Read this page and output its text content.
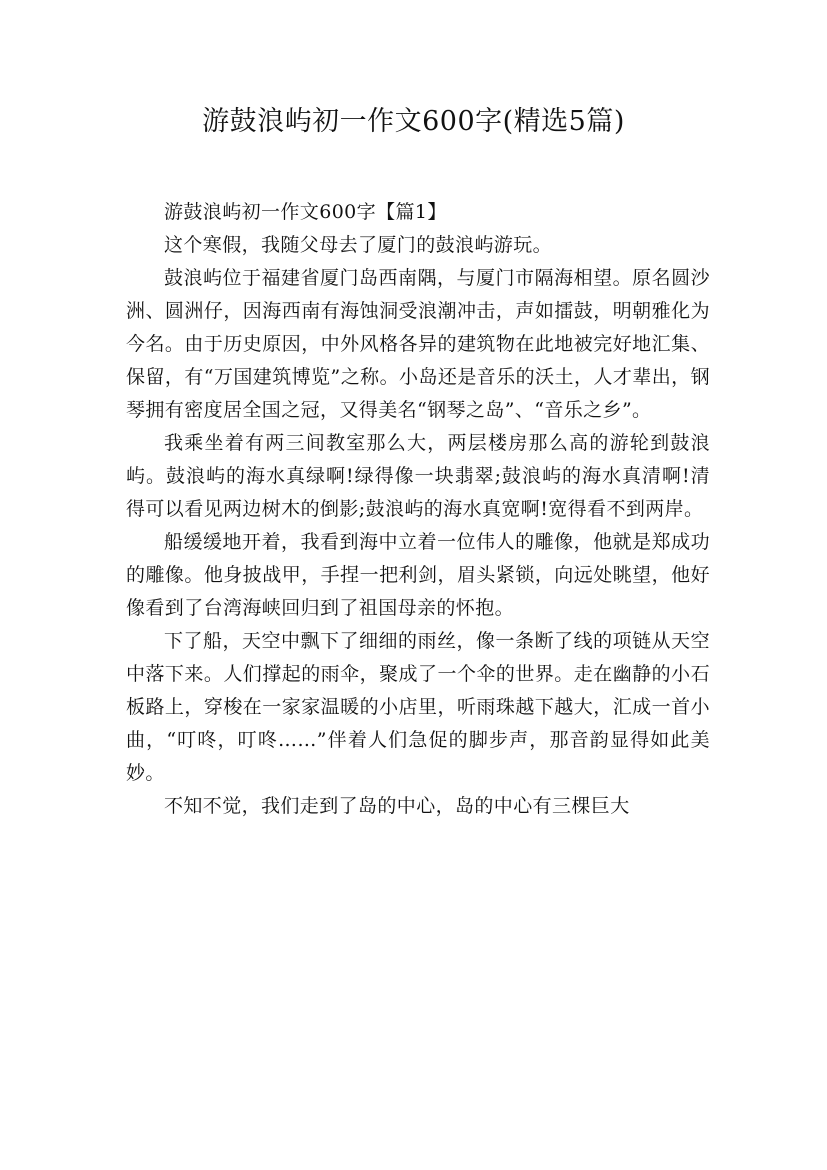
游鼓浪屿初一作文600字(精选5篇)

游鼓浪屿初一作文600字【篇1】

这个寒假，我随父母去了厦门的鼓浪屿游玩。

鼓浪屿位于福建省厦门岛西南隅，与厦门市隔海相望。原名圆沙洲、圆洲仔，因海西南有海蚀洞受浪潮冲击，声如擂鼓，明朝雅化为今名。由于历史原因，中外风格各异的建筑物在此地被完好地汇集、保留，有“万国建筑博览”之称。小岛还是音乐的沃土，人才辈出，钢琴拥有密度居全国之冠，又得美名“钢琴之岛”、“音乐之乡”。

我乘坐着有两三间教室那么大，两层楼房那么高的游轮到鼓浪屿。鼓浪屿的海水真绿啊!绿得像一块翡翠;鼓浪屿的海水真清啊!清得可以看见两边树木的倒影;鼓浪屿的海水真宽啊!宽得看不到两岸。

船缓缓地开着，我看到海中立着一位伟人的雕像，他就是郑成功的雕像。他身披战甲，手捏一把利剑，眉头紧锁，向远处眺望，他好像看到了台湾海峡回归到了祖国母亲的怀抱。

下了船，天空中飘下了细细的雨丝，像一条断了线的项链从天空中落下来。人们撑起的雨伞，聚成了一个伞的世界。走在幽静的小石板路上，穿梭在一家家温暖的小店里，听雨珠越下越大，汇成一首小曲，“叮咚，叮咚……”伴着人们急促的脚步声，那音韵显得如此美妙。

不知不觉，我们走到了岛的中心，岛的中心有三棵巨大
